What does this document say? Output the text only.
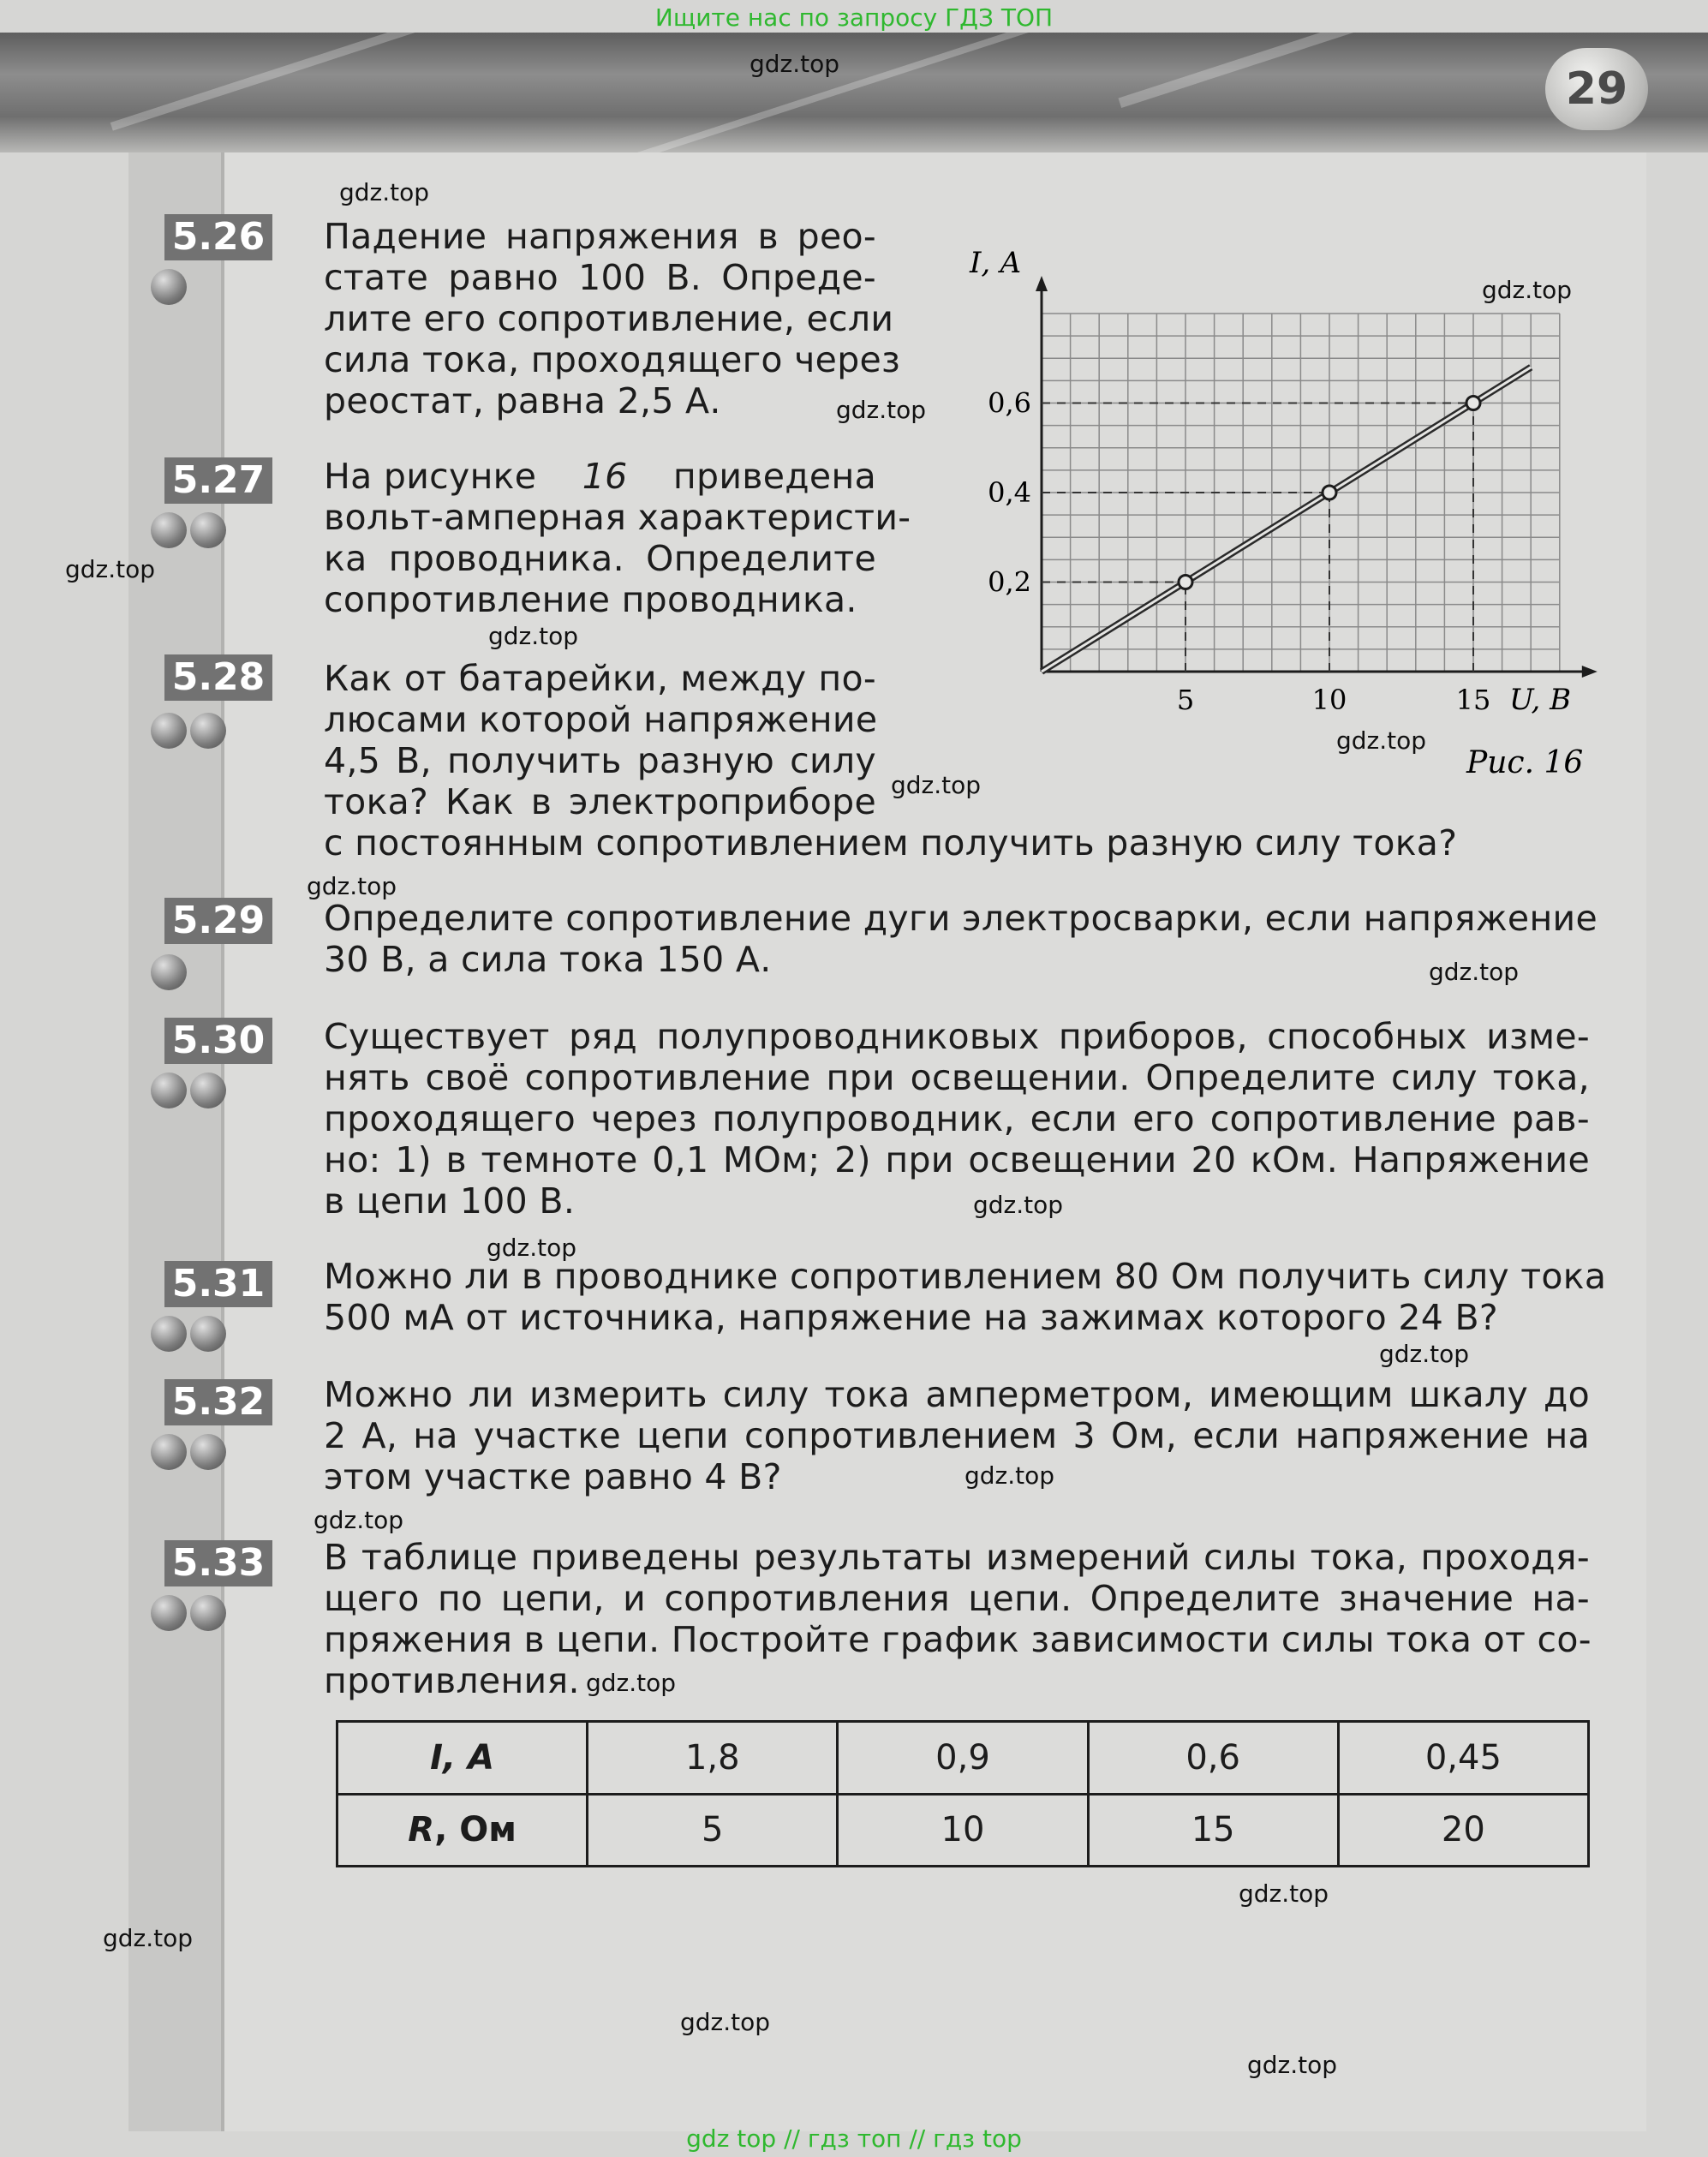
Ищите нас по запросу ГДЗ ТОП
29
5.26 Падение напряжения в рео-
стате равно 100 В. Опреде-
лите его сопротивление, если
сила тока, проходящего через
реостат, равна 2,5 А.
5.27 На рисунке 16 приведена
вольт-амперная характеристи-
ка проводника. Определите
сопротивление проводника.
5.28 Как от батарейки, между по-
люсами которой напряжение
4,5 В, получить разную силу
тока? Как в электроприборе
с постоянным сопротивлением получить разную силу тока?
5.29 Определите сопротивление дуги электросварки, если напряжение
30 В, а сила тока 150 А.
5.30 Существует ряд полупроводниковых приборов, способных изме-
нять своё сопротивление при освещении. Определите силу тока,
проходящего через полупроводник, если его сопротивление рав-
но: 1) в темноте 0,1 МОм; 2) при освещении 20 кОм. Напряжение
в цепи 100 В.
5.31 Можно ли в проводнике сопротивлением 80 Ом получить силу тока
500 мА от источника, напряжение на зажимах которого 24 В?
5.32 Можно ли измерить силу тока амперметром, имеющим шкалу до
2 А, на участке цепи сопротивлением 3 Ом, если напряжение на
этом участке равно 4 В?
5.33 В таблице приведены результаты измерений силы тока, проходя-
щего по цепи, и сопротивления цепи. Определите значение на-
пряжения в цепи. Постройте график зависимости силы тока от со-
противления.
I, А	1,8	0,9	0,6	0,45
R, Ом	5	10	15	20
5	10	15
0,2
0,4
0,6
I, А
U, В
Рис. 16
gdz.top
gdz.top
gdz.top
gdz.top
gdz.top
gdz.top
gdz.top
gdz.top
gdz.top
gdz.top
gdz.top
gdz.top
gdz.top
gdz.top
gdz.top
gdz.top
gdz.top
gdz.top
gdz.top
gdz.top
gdz top // гдз топ // гдз top
